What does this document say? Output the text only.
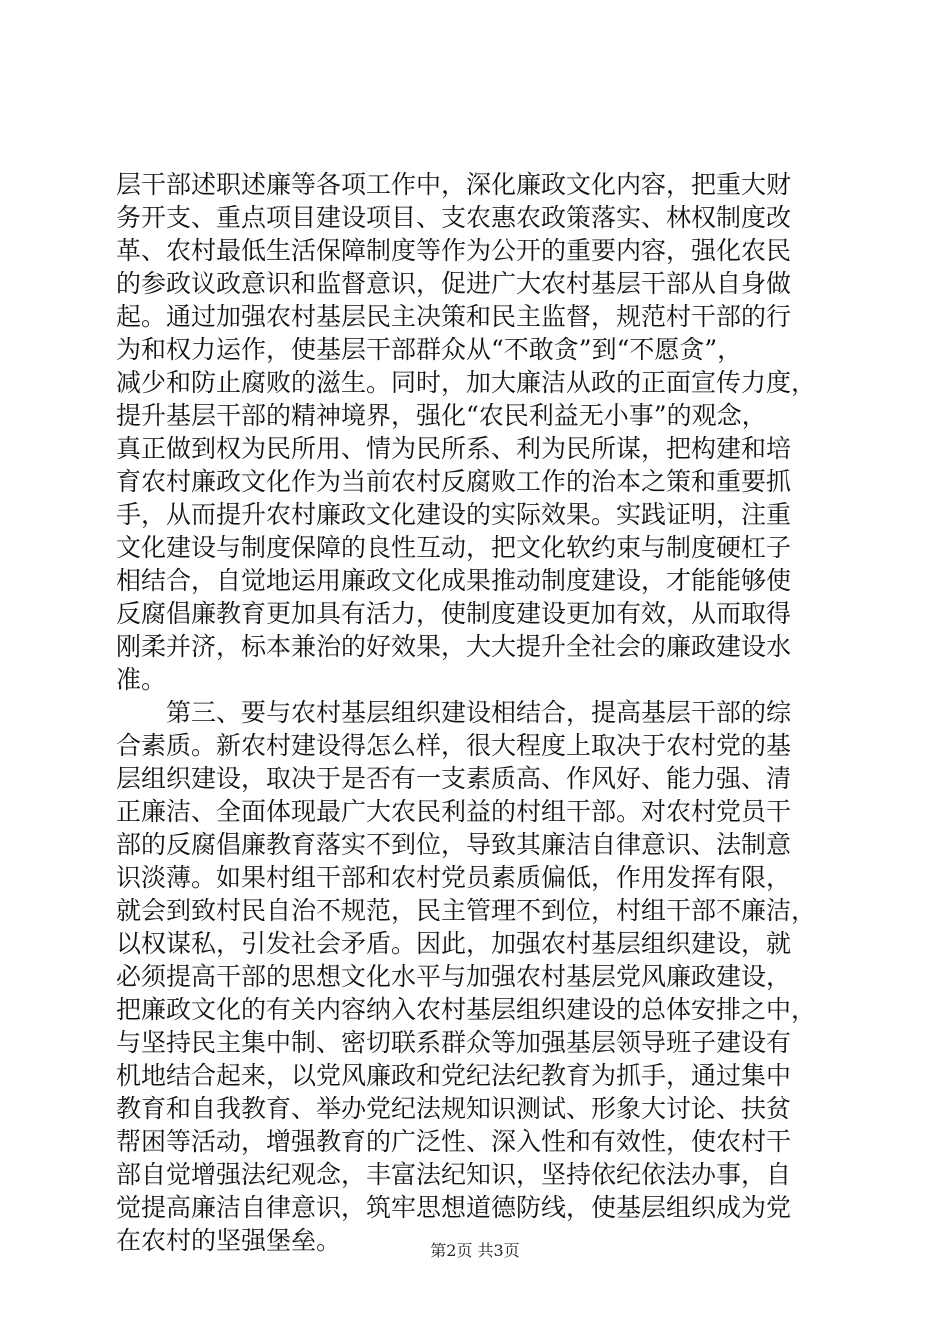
层干部述职述廉等各项工作中，深化廉政文化内容，把重大财
务开支、重点项目建设项目、支农惠农政策落实、林权制度改
革、农村最低生活保障制度等作为公开的重要内容，强化农民
的参政议政意识和监督意识，促进广大农村基层干部从自身做
起。通过加强农村基层民主决策和民主监督，规范村干部的行
为和权力运作，使基层干部群众从“不敢贪”到“不愿贪”，
减少和防止腐败的滋生。同时，加大廉洁从政的正面宣传力度，
提升基层干部的精神境界，强化“农民利益无小事”的观念，
真正做到权为民所用、情为民所系、利为民所谋，把构建和培
育农村廉政文化作为当前农村反腐败工作的治本之策和重要抓
手，从而提升农村廉政文化建设的实际效果。实践证明，注重
文化建设与制度保障的良性互动，把文化软约束与制度硬杠子
相结合，自觉地运用廉政文化成果推动制度建设，才能能够使
反腐倡廉教育更加具有活力，使制度建设更加有效，从而取得
刚柔并济，标本兼治的好效果，大大提升全社会的廉政建设水
准。
　　第三、要与农村基层组织建设相结合，提高基层干部的综
合素质。新农村建设得怎么样，很大程度上取决于农村党的基
层组织建设，取决于是否有一支素质高、作风好、能力强、清
正廉洁、全面体现最广大农民利益的村组干部。对农村党员干
部的反腐倡廉教育落实不到位，导致其廉洁自律意识、法制意
识淡薄。如果村组干部和农村党员素质偏低，作用发挥有限，
就会到致村民自治不规范，民主管理不到位，村组干部不廉洁，
以权谋私，引发社会矛盾。因此，加强农村基层组织建设，就
必须提高干部的思想文化水平与加强农村基层党风廉政建设，
把廉政文化的有关内容纳入农村基层组织建设的总体安排之中，
与坚持民主集中制、密切联系群众等加强基层领导班子建设有
机地结合起来，以党风廉政和党纪法纪教育为抓手，通过集中
教育和自我教育、举办党纪法规知识测试、形象大讨论、扶贫
帮困等活动，增强教育的广泛性、深入性和有效性，使农村干
部自觉增强法纪观念，丰富法纪知识，坚持依纪依法办事，自
觉提高廉洁自律意识，筑牢思想道德防线，使基层组织成为党
在农村的坚强堡垒。	第2页 共3页
